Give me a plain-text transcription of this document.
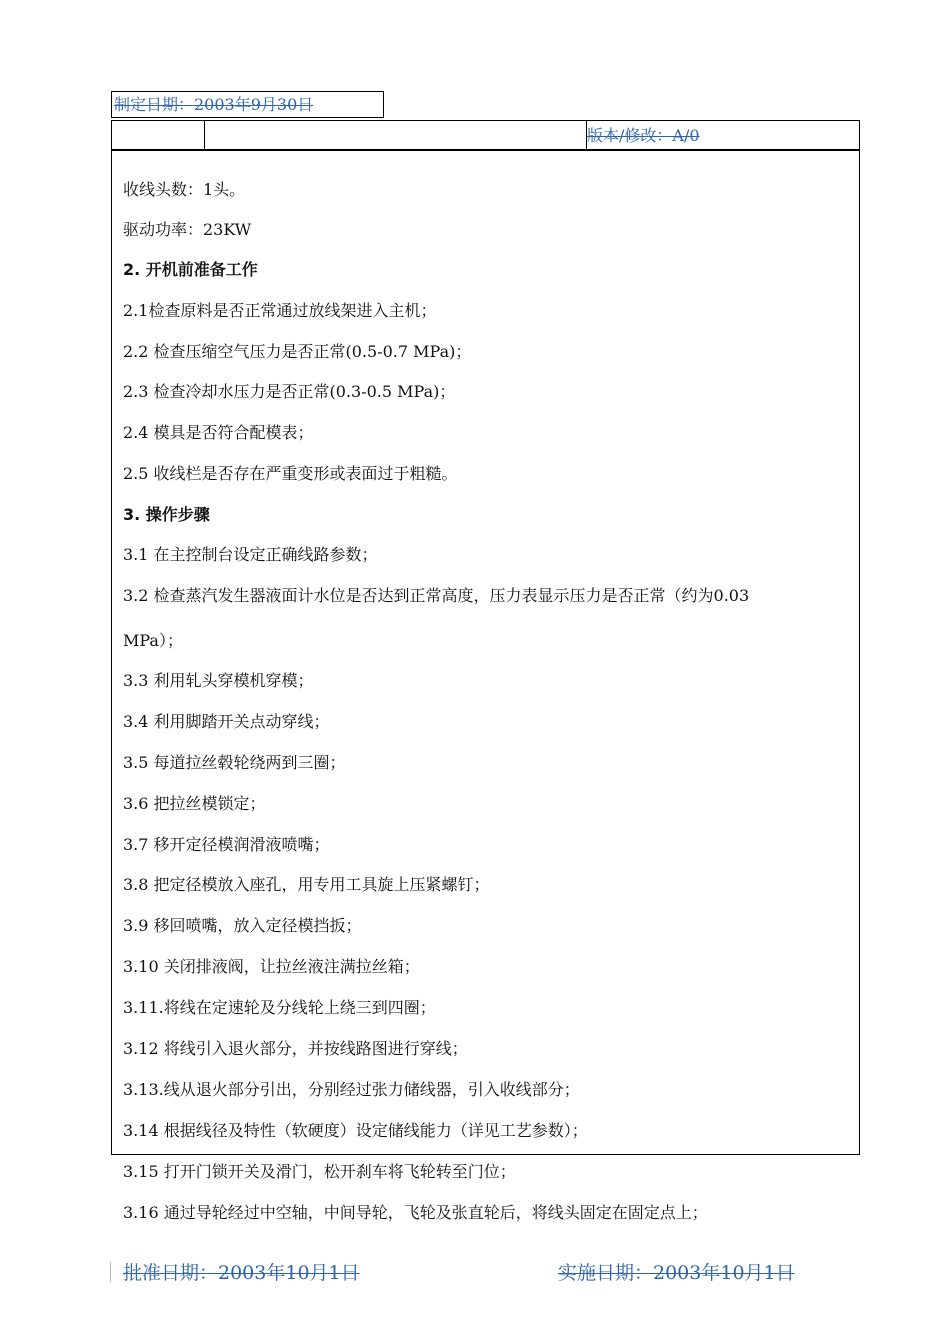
制定日期：2003年9月30日
版本/修改：A/0
收线头数：1头。
驱动功率：23KW
2. 开机前准备工作
2.1检查原料是否正常通过放线架进入主机；
2.2 检查压缩空气压力是否正常(0.5-0.7 MPa)；
2.3 检查冷却水压力是否正常(0.3-0.5 MPa)；
2.4 模具是否符合配模表；
2.5 收线栏是否存在严重变形或表面过于粗糙。
3. 操作步骤
3.1 在主控制台设定正确线路参数；
3.2 检查蒸汽发生器液面计水位是否达到正常高度，压力表显示压力是否正常（约为0.03
MPa）；
3.3 利用轧头穿模机穿模；
3.4 利用脚踏开关点动穿线；
3.5 每道拉丝毂轮绕两到三圈；
3.6 把拉丝模锁定；
3.7 移开定径模润滑液喷嘴；
3.8 把定径模放入座孔，用专用工具旋上压紧螺钉；
3.9 移回喷嘴，放入定径模挡扳；
3.10 关闭排液阀，让拉丝液注满拉丝箱；
3.11.将线在定速轮及分线轮上绕三到四圈；
3.12 将线引入退火部分，并按线路图进行穿线；
3.13.线从退火部分引出，分别经过张力储线器，引入收线部分；
3.14 根据线径及特性（软硬度）设定储线能力（详见工艺参数）；
3.15 打开门锁开关及滑门，松开刹车将飞轮转至门位；
3.16 通过导轮经过中空轴，中间导轮，飞轮及张直轮后，将线头固定在固定点上；
批准日期：2003年10月1日	实施日期：2003年10月1日
